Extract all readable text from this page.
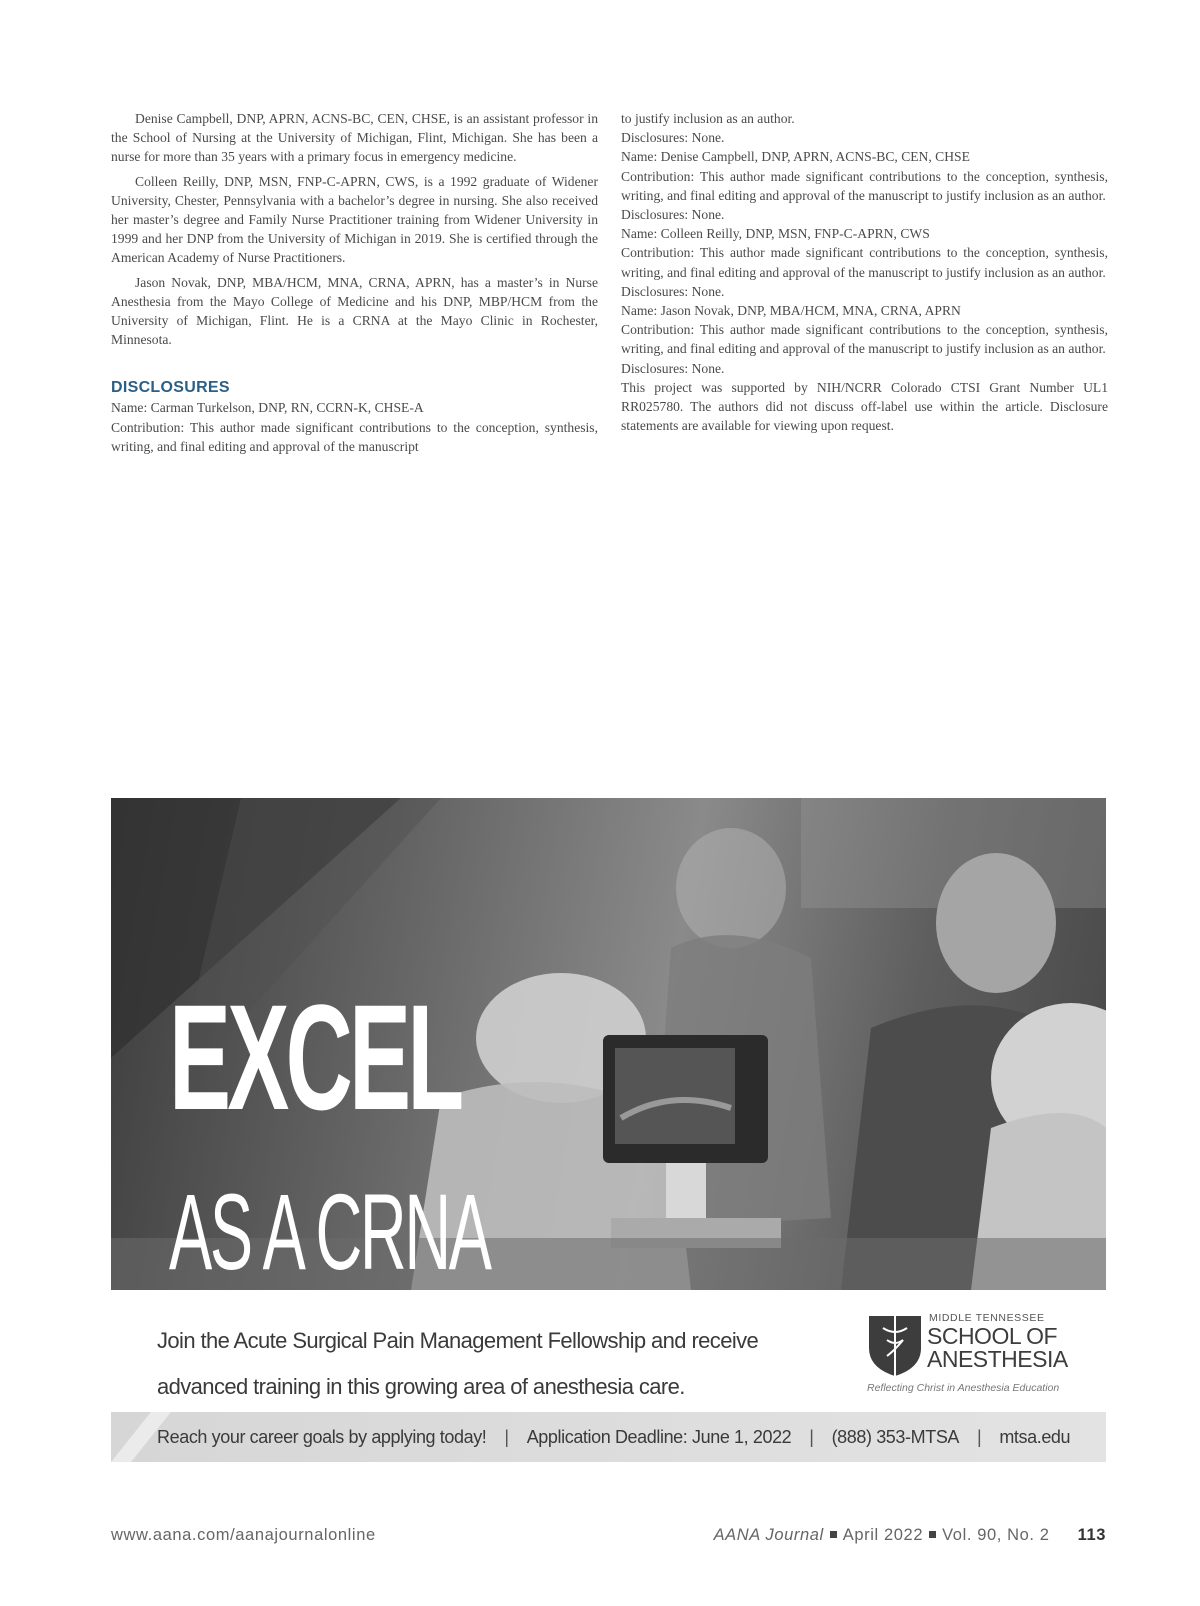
Denise Campbell, DNP, APRN, ACNS-BC, CEN, CHSE, is an assistant professor in the School of Nursing at the University of Michigan, Flint, Michigan. She has been a nurse for more than 35 years with a primary focus in emergency medicine.

Colleen Reilly, DNP, MSN, FNP-C-APRN, CWS, is a 1992 graduate of Widener University, Chester, Pennsylvania with a bachelor’s degree in nursing. She also received her master’s degree and Family Nurse Practitioner training from Widener University in 1999 and her DNP from the University of Michigan in 2019. She is certified through the American Academy of Nurse Practitioners.

Jason Novak, DNP, MBA/HCM, MNA, CRNA, APRN, has a master’s in Nurse Anesthesia from the Mayo College of Medicine and his DNP, MBP/HCM from the University of Michigan, Flint. He is a CRNA at the Mayo Clinic in Rochester, Minnesota.

DISCLOSURES

Name: Carman Turkelson, DNP, RN, CCRN-K, CHSE-A

Contribution: This author made significant contributions to the conception, synthesis, writing, and final editing and approval of the manuscript

to justify inclusion as an author.

Disclosures: None.

Name: Denise Campbell, DNP, APRN, ACNS-BC, CEN, CHSE

Contribution: This author made significant contributions to the conception, synthesis, writing, and final editing and approval of the manuscript to justify inclusion as an author.

Disclosures: None.

Name: Colleen Reilly, DNP, MSN, FNP-C-APRN, CWS

Contribution: This author made significant contributions to the conception, synthesis, writing, and final editing and approval of the manuscript to justify inclusion as an author.

Disclosures: None.

Name: Jason Novak, DNP, MBA/HCM, MNA, CRNA, APRN

Contribution: This author made significant contributions to the conception, synthesis, writing, and final editing and approval of the manuscript to justify inclusion as an author.

Disclosures: None.

This project was supported by NIH/NCRR Colorado CTSI Grant Number UL1 RR025780. The authors did not discuss off-label use within the article. Disclosure statements are available for viewing upon request.

EXCEL
AS A CRNA
Join the Acute Surgical Pain Management Fellowship and receive
advanced training in this growing area of anesthesia care.
MIDDLE TENNESSEE
SCHOOL OF
ANESTHESIA
Reflecting Christ in Anesthesia Education
Reach your career goals by applying today! | Application Deadline: June 1, 2022 | (888) 353-MTSA | mtsa.edu
www.aana.com/aanajournalonline	AANA Journal April 2022 Vol. 90, No. 2 113
